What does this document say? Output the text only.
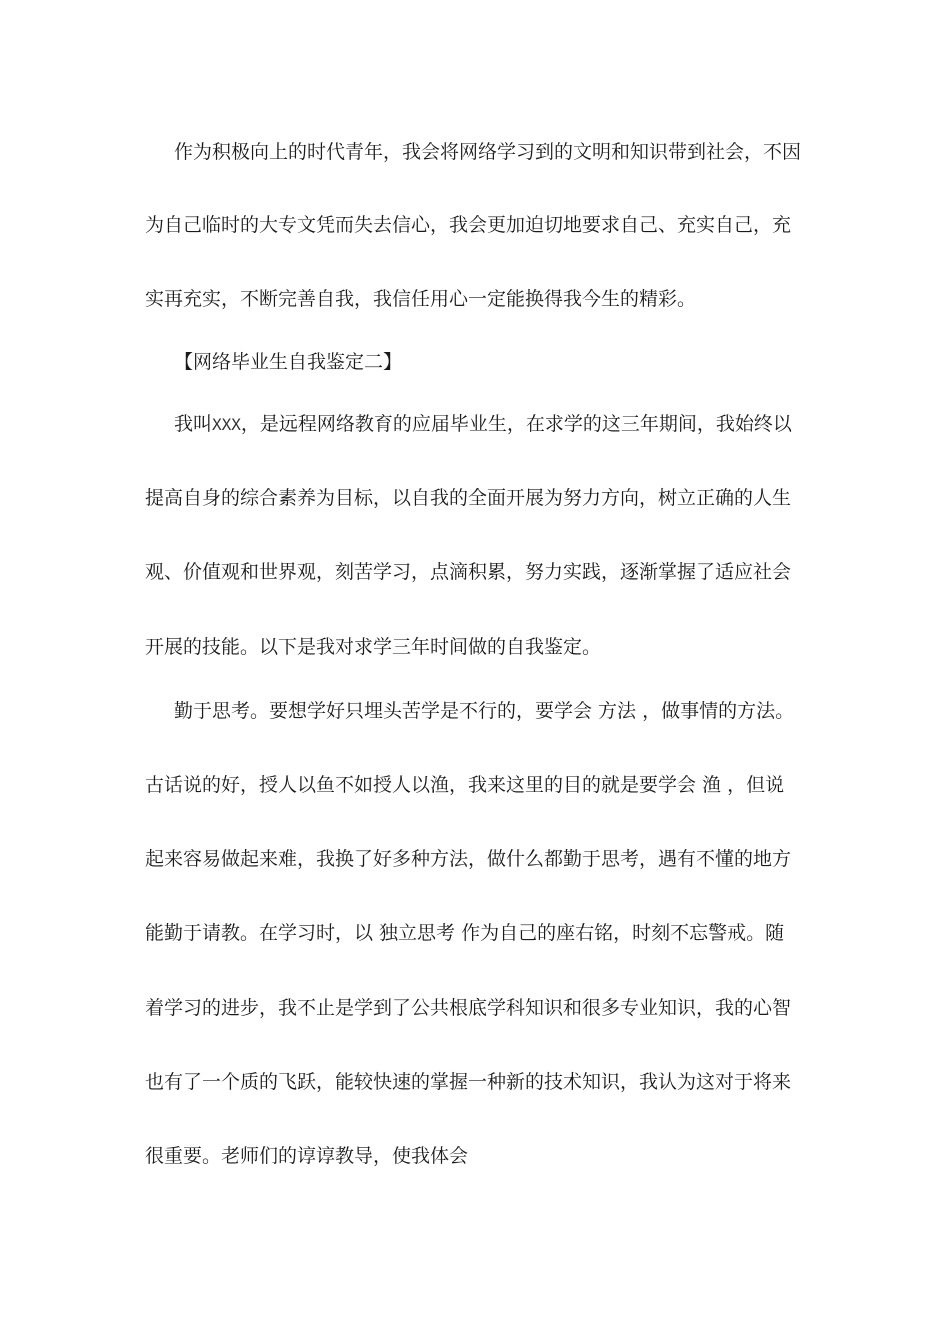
作为积极向上的时代青年，我会将网络学习到的文明和知识带到社会，不因
为自己临时的大专文凭而失去信心，我会更加迫切地要求自己、充实自己，充
实再充实，不断完善自我，我信任用心一定能换得我今生的精彩。
【网络毕业生自我鉴定二】
我叫XXX，是远程网络教育的应届毕业生，在求学的这三年期间，我始终以
提高自身的综合素养为目标，以自我的全面开展为努力方向，树立正确的人生
观、价值观和世界观，刻苦学习，点滴积累，努力实践，逐渐掌握了适应社会
开展的技能。以下是我对求学三年时间做的自我鉴定。
勤于思考。要想学好只埋头苦学是不行的，要学会 方法 ，做事情的方法。
古话说的好，授人以鱼不如授人以渔，我来这里的目的就是要学会 渔 ，但说
起来容易做起来难，我换了好多种方法，做什么都勤于思考，遇有不懂的地方
能勤于请教。在学习时，以 独立思考 作为自己的座右铭，时刻不忘警戒。随
着学习的进步，我不止是学到了公共根底学科知识和很多专业知识，我的心智
也有了一个质的飞跃，能较快速的掌握一种新的技术知识，我认为这对于将来
很重要。老师们的谆谆教导，使我体会
